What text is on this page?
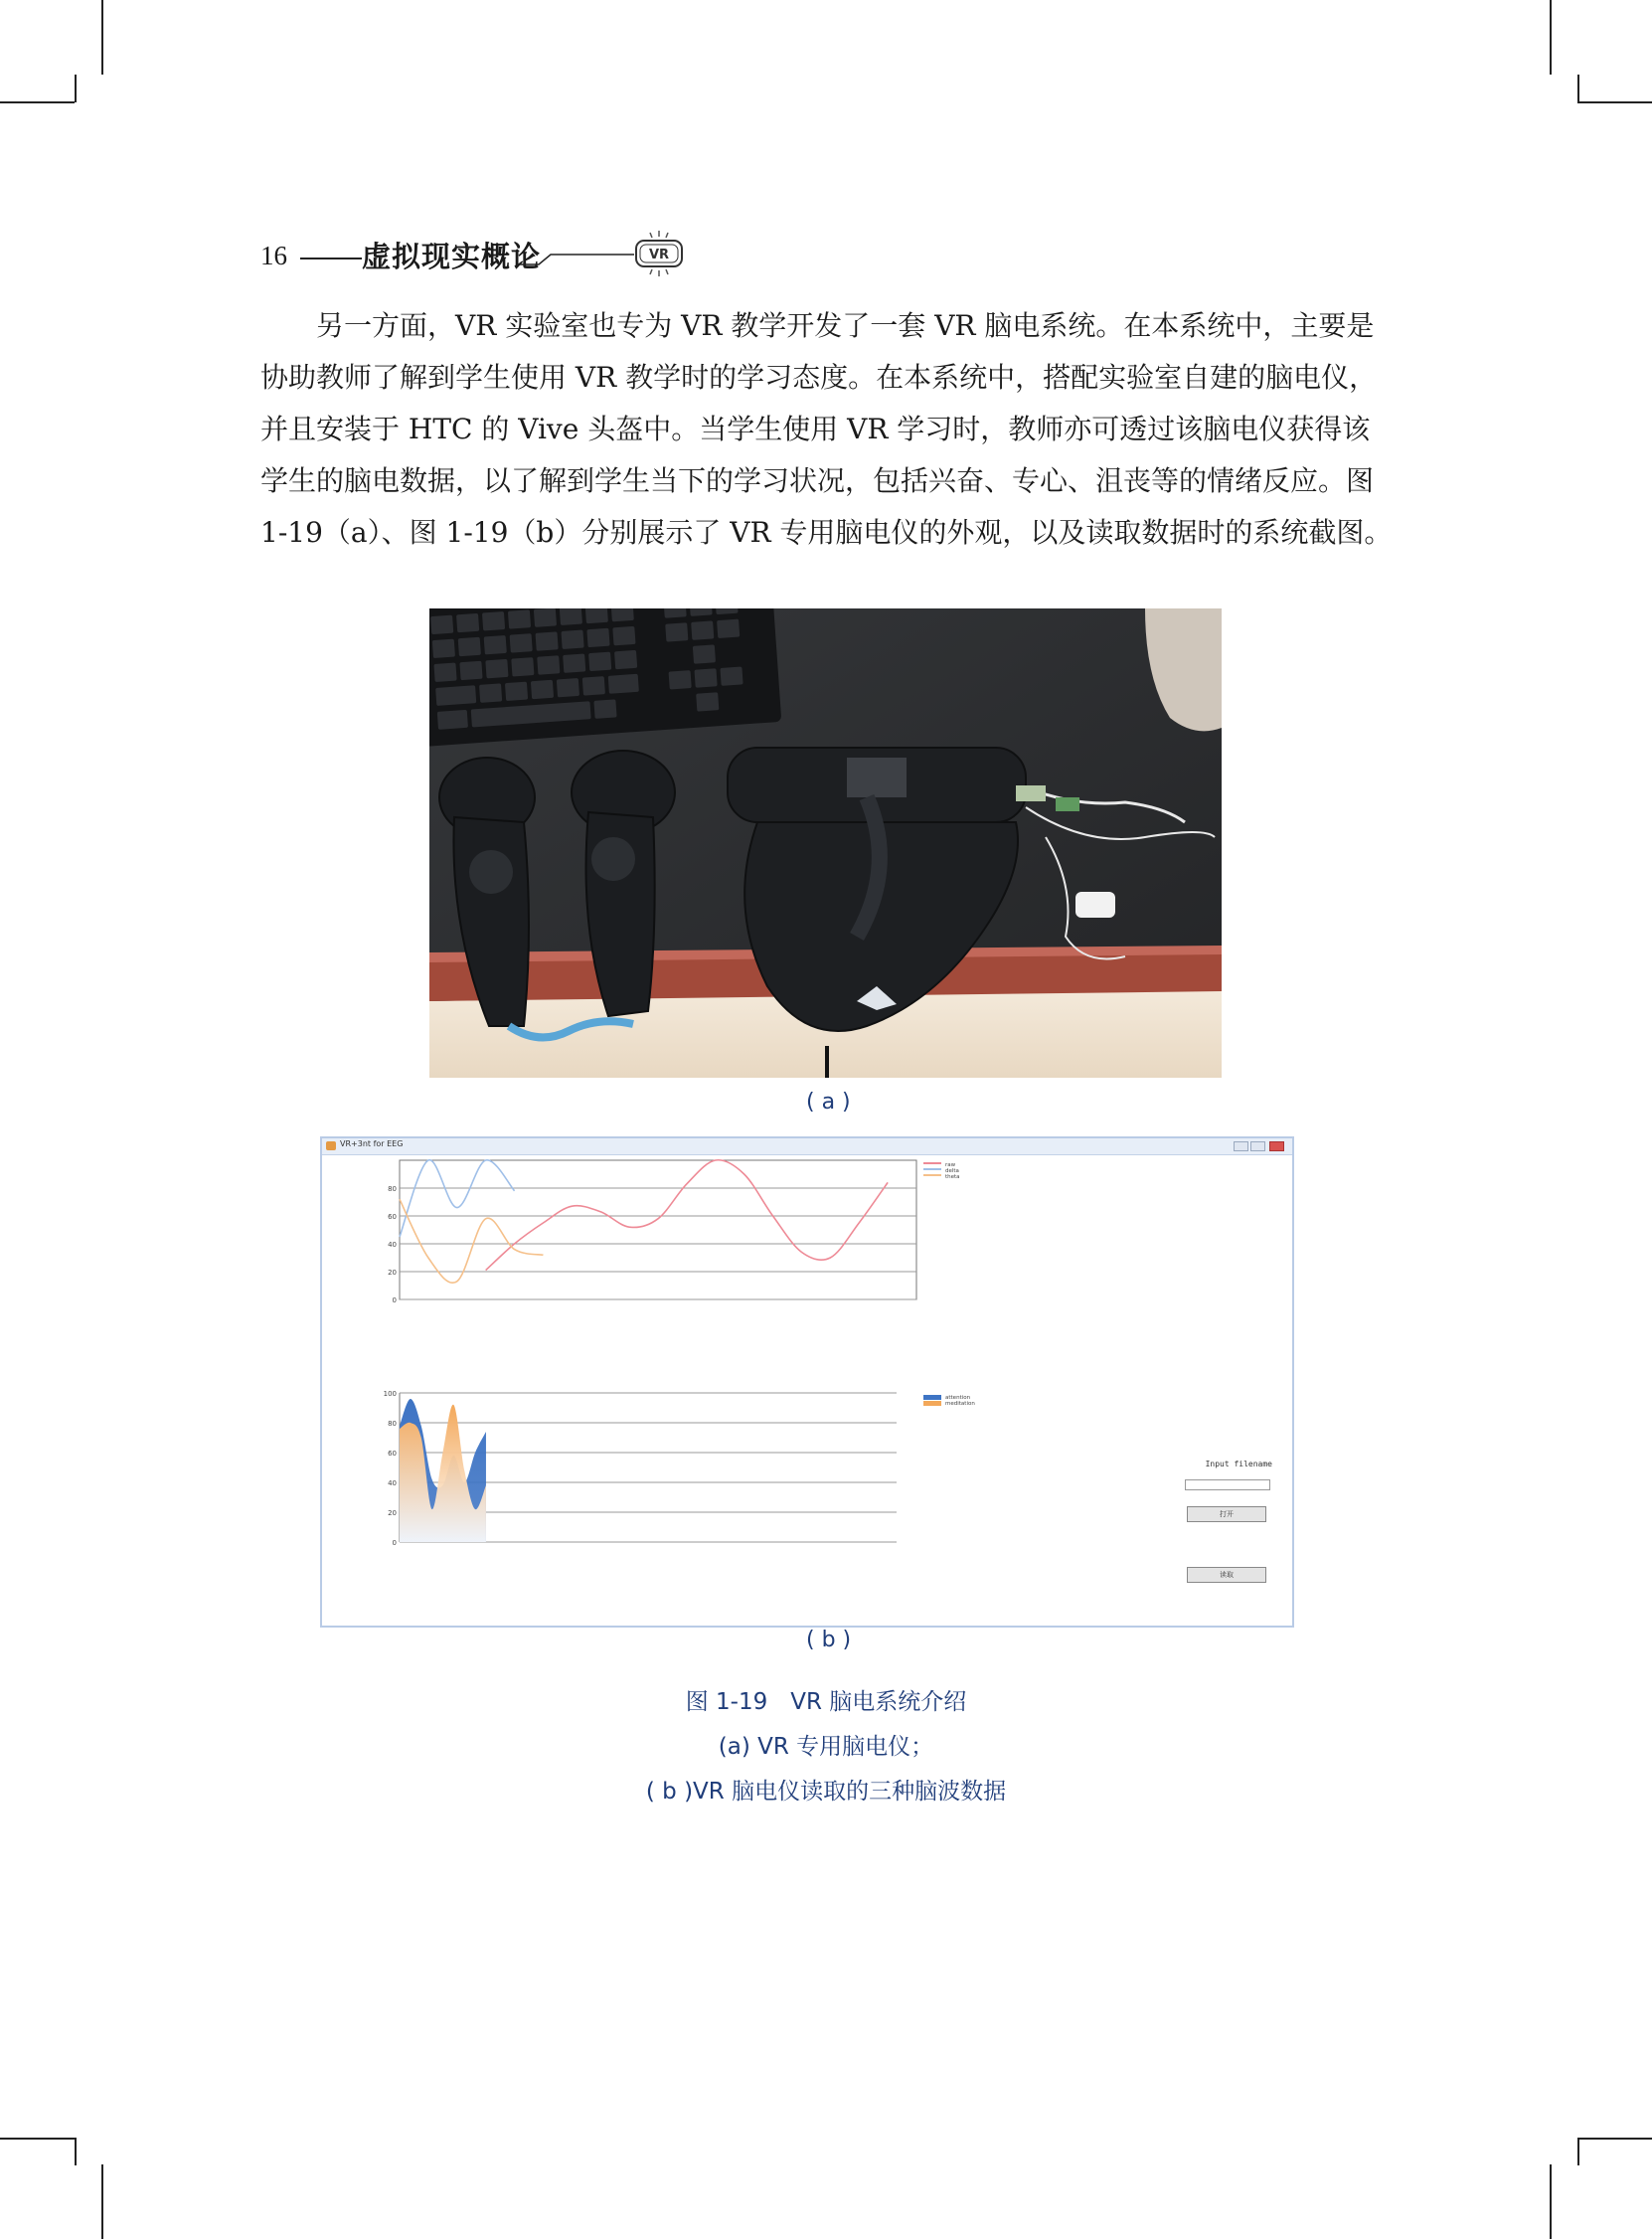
16	虚拟现实概论	VR
另一方面，VR 实验室也专为 VR 教学开发了一套 VR 脑电系统。在本系统中，主要是
协助教师了解到学生使用 VR 教学时的学习态度。在本系统中，搭配实验室自建的脑电仪，
并且安装于 HTC 的 Vive 头盔中。当学生使用 VR 学习时，教师亦可透过该脑电仪获得该
学生的脑电数据，以了解到学生当下的学习状况，包括兴奋、专心、沮丧等的情绪反应。图
1-19（a）、图 1-19（b）分别展示了 VR 专用脑电仪的外观，以及读取数据时的系统截图。
( a )
VR+3nt for EEG
0
20
40
60
80
raw
delta
theta
0
20
40
60
80
100	attention
meditation
Input filename
打开
读取
( b )
图 1-19　VR 脑电系统介绍
(a) VR 专用脑电仪；
( b )VR 脑电仪读取的三种脑波数据
